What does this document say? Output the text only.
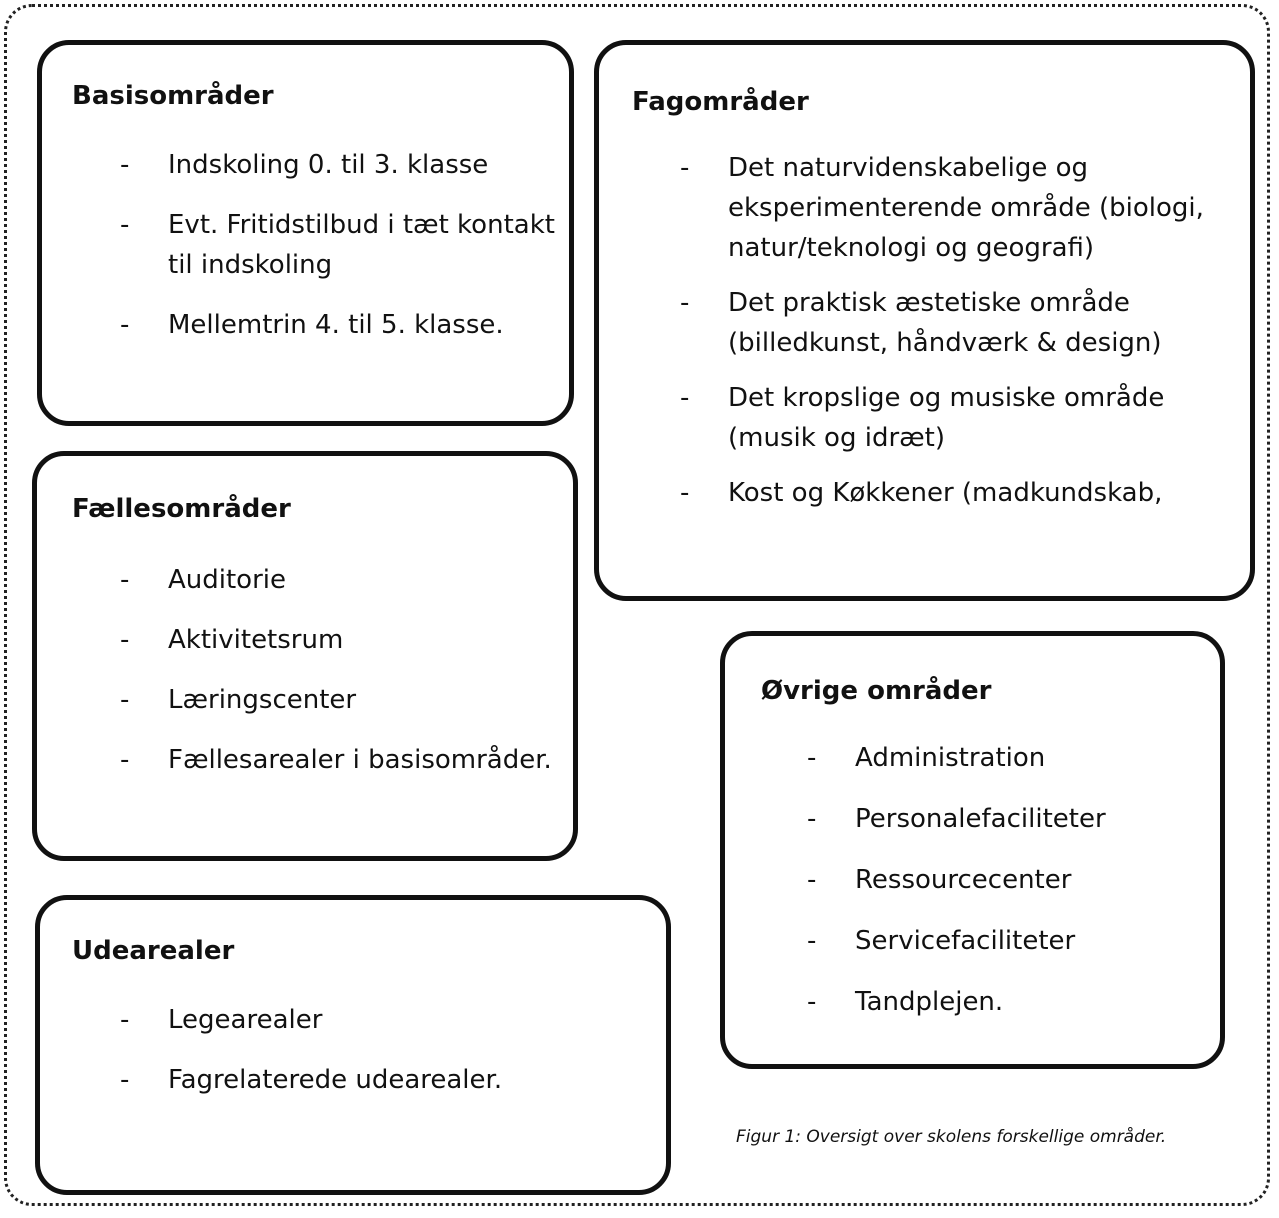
Basisområder
- Indskoling 0. til 3. klasse
- Evt. Fritidstilbud i tæt kontakt til indskoling
- Mellemtrin 4. til 5. klasse.
Fællesområder
- Auditorie
- Aktivitetsrum
- Læringscenter
- Fællesarealer i basisområder.
Udearealer
- Legearealer
- Fagrelaterede udearealer.
Fagområder
- Det naturvidenskabelige og eksperimenterende område (biologi, natur/teknologi og geografi)
- Det praktisk æstetiske område (billedkunst, håndværk & design)
- Det kropslige og musiske område (musik og idræt)
- Kost og Køkkener (madkundskab,
Øvrige områder
- Administration
- Personalefaciliteter
- Ressourcecenter
- Servicefaciliteter
- Tandplejen.
Figur 1: Oversigt over skolens forskellige områder.
